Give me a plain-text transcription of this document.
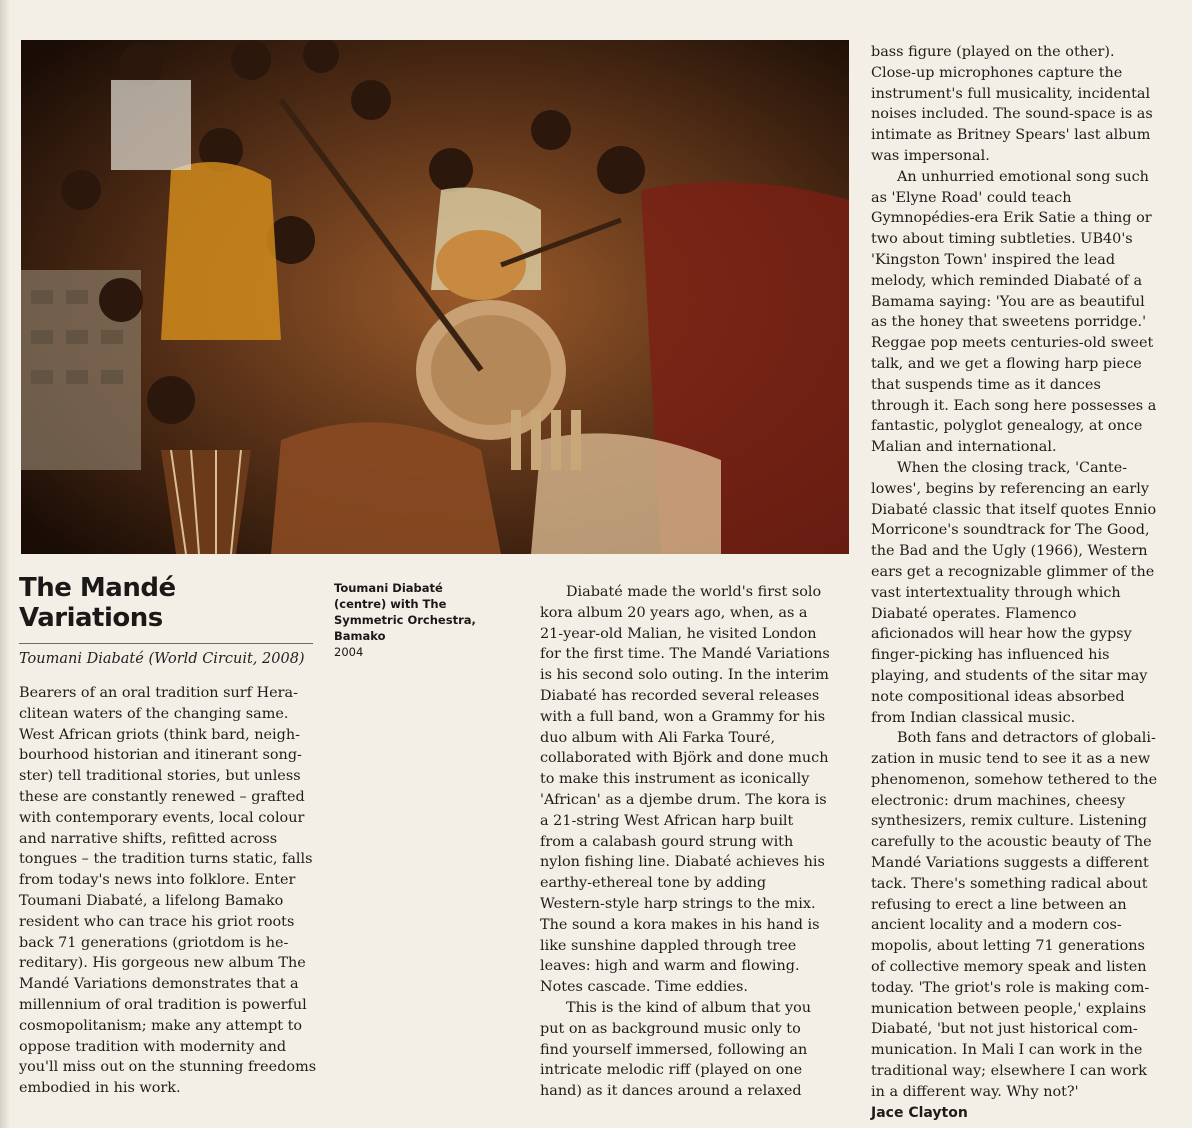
The Mandé Variations
Toumani Diabaté (World Circuit, 2008)
Toumani Diabaté (centre) with The Symmetric Orchestra, Bamako
2004

Bearers of an oral tradition surf Hera-clitean waters of the changing same. West African griots (think bard, neigh-bourhood historian and itinerant song-ster) tell traditional stories, but unless these are constantly renewed – grafted with contemporary events, local colour and narrative shifts, refitted across tongues – the tradition turns static, falls from today's news into folklore. Enter Toumani Diabaté, a lifelong Bamako resident who can trace his griot roots back 71 generations (griotdom is he-reditary). His gorgeous new album The Mandé Variations demonstrates that a millennium of oral tradition is powerful cosmopolitanism; make any attempt to oppose tradition with modernity and you'll miss out on the stunning freedoms embodied in his work.

Diabaté made the world's first solo kora album 20 years ago, when, as a 21-year-old Malian, he visited London for the first time. The Mandé Variations is his second solo outing. In the interim Diabaté has recorded several releases with a full band, won a Grammy for his duo album with Ali Farka Touré, collaborated with Björk and done much to make this instrument as iconically 'African' as a djembe drum. The kora is a 21-string West African harp built from a calabash gourd strung with nylon fishing line. Diabaté achieves his earthy-ethereal tone by adding Western-style harp strings to the mix. The sound a kora makes in his hand is like sunshine dappled through tree leaves: high and warm and flowing. Notes cascade. Time eddies.

This is the kind of album that you put on as background music only to find yourself immersed, following an intricate melodic riff (played on one hand) as it dances around a relaxed

bass figure (played on the other). Close-up microphones capture the instrument's full musicality, incidental noises included. The sound-space is as intimate as Britney Spears' last album was impersonal.

An unhurried emotional song such as 'Elyne Road' could teach Gymnopédies-era Erik Satie a thing or two about timing subtleties. UB40's 'Kingston Town' inspired the lead melody, which reminded Diabaté of a Bamama saying: 'You are as beautiful as the honey that sweetens porridge.' Reggae pop meets centuries-old sweet talk, and we get a flowing harp piece that suspends time as it dances through it. Each song here possesses a fantastic, polyglot genealogy, at once Malian and international.

When the closing track, 'Cante-lowes', begins by referencing an early Diabaté classic that itself quotes Ennio Morricone's soundtrack for The Good, the Bad and the Ugly (1966), Western ears get a recognizable glimmer of the vast intertextuality through which Diabaté operates. Flamenco aficionados will hear how the gypsy finger-picking has influenced his playing, and students of the sitar may note compositional ideas absorbed from Indian classical music.

Both fans and detractors of globali-zation in music tend to see it as a new phenomenon, somehow tethered to the electronic: drum machines, cheesy synthesizers, remix culture. Listening carefully to the acoustic beauty of The Mandé Variations suggests a different tack. There's something radical about refusing to erect a line between an ancient locality and a modern cos-mopolis, about letting 71 generations of collective memory speak and listen today. 'The griot's role is making com-munication between people,' explains Diabaté, 'but not just historical com-munication. In Mali I can work in the traditional way; elsewhere I can work in a different way. Why not?'

Jace Clayton
